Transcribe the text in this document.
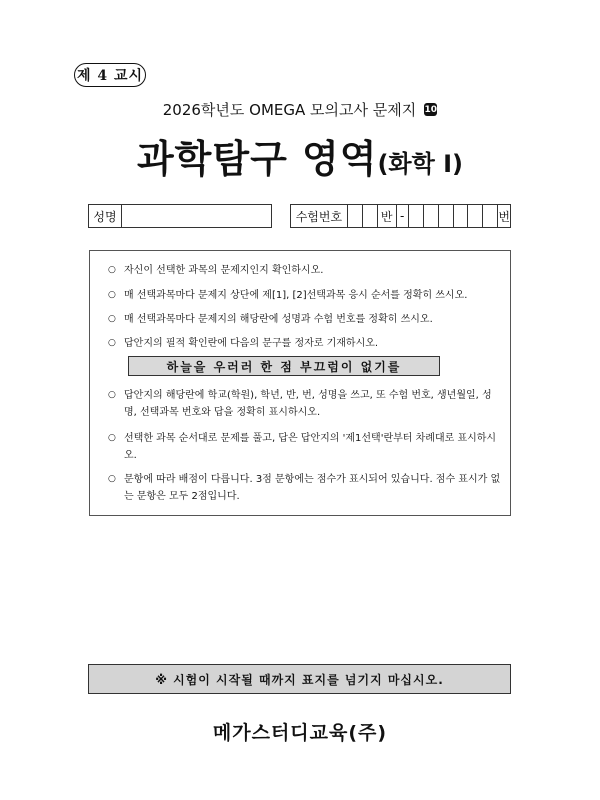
제 4 교시
2026학년도 OMEGA 모의고사 문제지 10
과학탐구 영역(화학 I)
성명	수험번호	반 -	번
○ 자신이 선택한 과목의 문제지인지 확인하시오.
○ 매 선택과목마다 문제지 상단에 제[1], [2]선택과목 응시 순서를 정확히 쓰시오.
○ 매 선택과목마다 문제지의 해당란에 성명과 수험 번호를 정확히 쓰시오.
○ 답안지의 필적 확인란에 다음의 문구를 정자로 기재하시오.
하늘을 우러러 한 점 부끄럼이 없기를
○ 답안지의 해당란에 학교(학원), 학년, 반, 번, 성명을 쓰고, 또 수험 번호, 생년월일, 성명, 선택과목 번호와 답을 정확히 표시하시오.
○ 선택한 과목 순서대로 문제를 풀고, 답은 답안지의 '제1선택'란부터 차례대로 표시하시오.
○ 문항에 따라 배점이 다릅니다. 3점 문항에는 점수가 표시되어 있습니다. 점수 표시가 없는 문항은 모두 2점입니다.
※ 시험이 시작될 때까지 표지를 넘기지 마십시오.
메가스터디교육(주)
